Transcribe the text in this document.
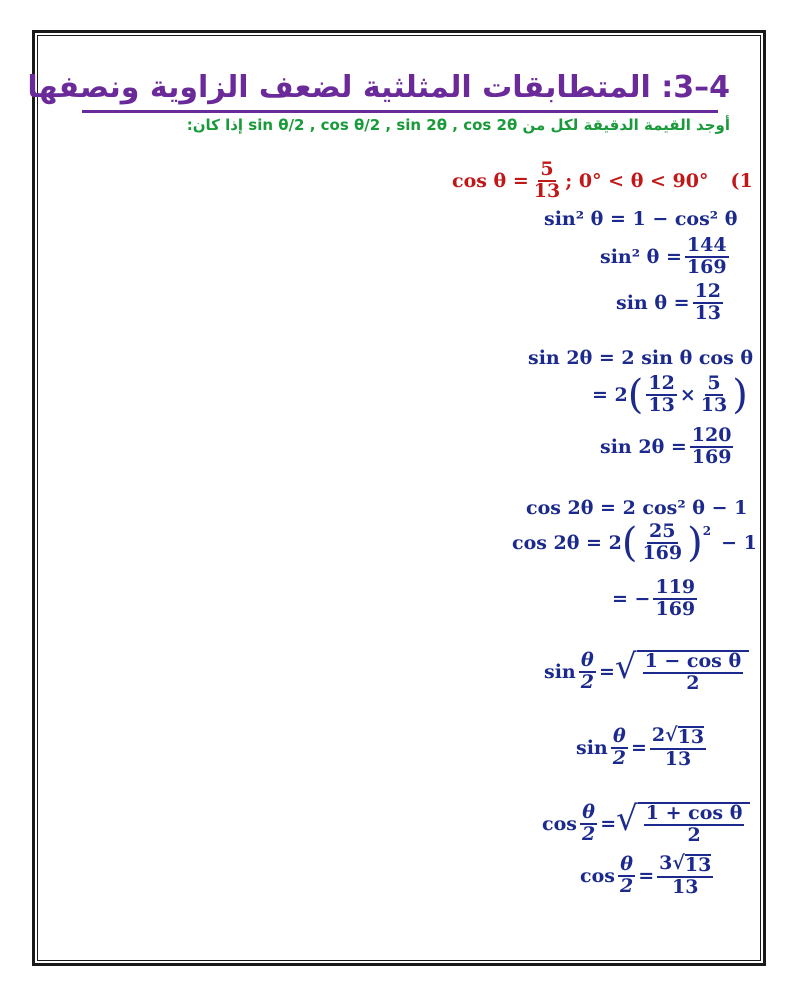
4–3: المتطابقات المثلثية لضعف الزاوية ونصفها
أوجد القيمة الدقيقة لكل من sin θ/2 , cos θ/2 , sin 2θ , cos 2θ إذا كان:
$\cos \theta = \frac{5}{13}$ ; 0° < θ < 90° (1
sin² θ = 1 − cos² θ
sin² $\theta = \frac{144}{169}$
$\sin \theta = \frac{12}{13}$
sin 2θ = 2 sin θ cos θ
= 2 ( $\frac{12}{13} \times \frac{5}{13}$ )
$\sin 2\theta = \frac{120}{169}$
cos 2θ = 2 cos² θ − 1
cos 2θ = 2 ( $\frac{25}{169} )^2$
− 1
= − $\frac{119}{169}$
$\sin \frac{\theta}{2}$ = √ $\frac{\text{1 − cos θ}}{2}$
$\sin \frac{\theta}{2} = \frac{2√ 13}{13}$
$\cos \frac{\theta}{2}$ = √ $\frac{\text{1 + cos θ}}{2}$
$\cos \frac{\theta}{2} = \frac{3√ 13}{13}$
